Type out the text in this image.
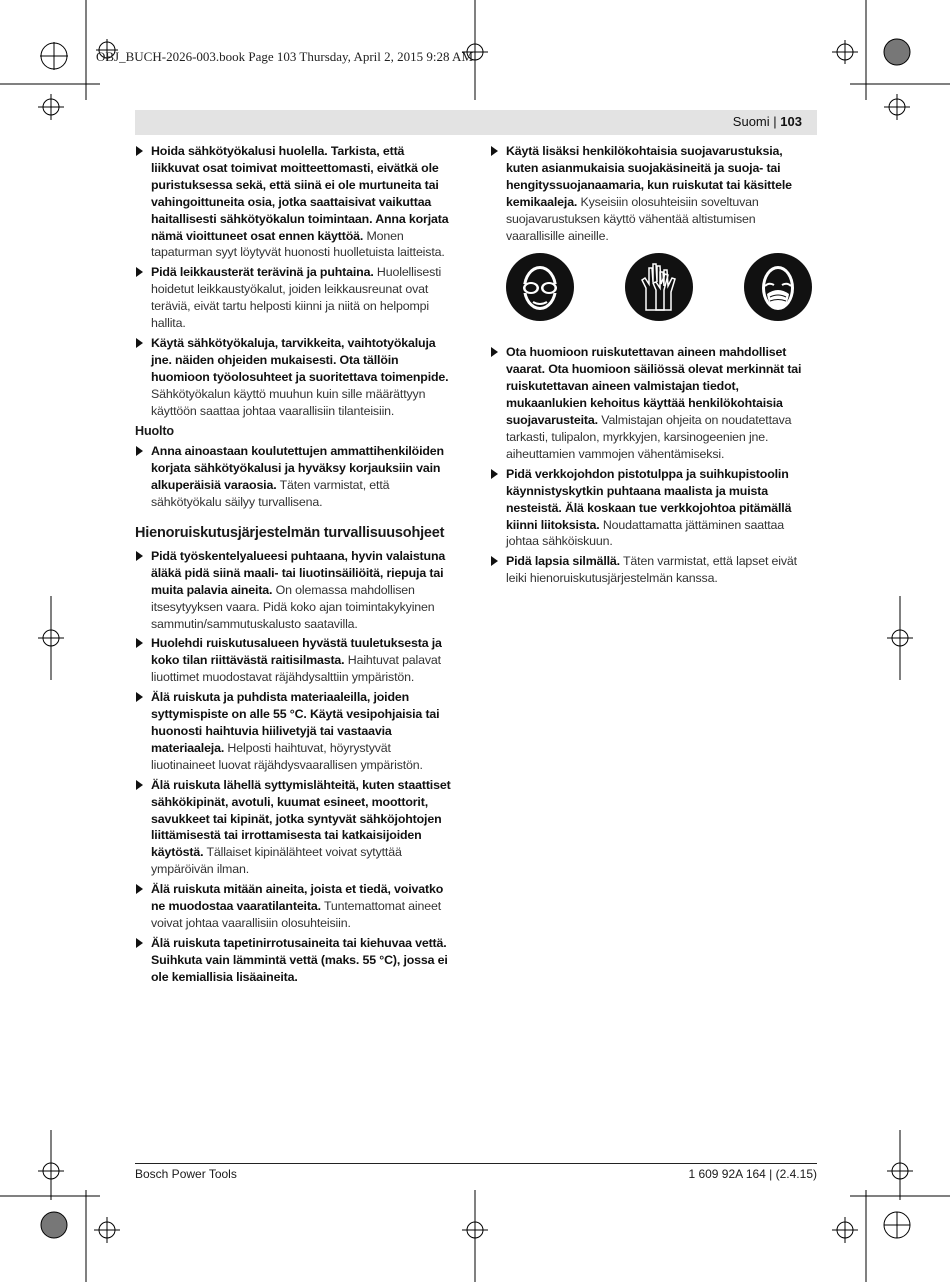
OBJ_BUCH-2026-003.book Page 103 Thursday, April 2, 2015 9:28 AM
Suomi | 103
Hoida sähkötyökalusi huolella. Tarkista, että liikkuvat osat toimivat moitteettomasti, eivätkä ole puristuksessa sekä, että siinä ei ole murtuneita tai vahingoittuneita osia, jotka saattaisivat vaikuttaa haitallisesti sähkötyökalun toimintaan. Anna korjata nämä vioittuneet osat ennen käyttöä. Monen tapaturman syyt löytyvät huonosti huolletuista laitteista.
Pidä leikkausterät terävinä ja puhtaina. Huolellisesti hoidetut leikkaustyökalut, joiden leikkausreunat ovat teräviä, eivät tartu helposti kiinni ja niitä on helpompi hallita.
Käytä sähkötyökaluja, tarvikkeita, vaihtotyökaluja jne. näiden ohjeiden mukaisesti. Ota tällöin huomioon työolosuhteet ja suoritettava toimenpide. Sähkötyökalun käyttö muuhun kuin sille määrättyyn käyttöön saattaa johtaa vaarallisiin tilanteisiin.
Huolto
Anna ainoastaan koulutettujen ammattihenkilöiden korjata sähkötyökalusi ja hyväksy korjauksiin vain alkuperäisiä varaosia. Täten varmistat, että sähkötyökalu säilyy turvallisena.
Hienoruiskutusjärjestelmän turvallisuusohjeet
Pidä työskentelyalueesi puhtaana, hyvin valaistuna äläkä pidä siinä maali- tai liuotinsäiliöitä, riepuja tai muita palavia aineita. On olemassa mahdollisen itsesytyyksen vaara. Pidä koko ajan toimintakykyinen sammutin/sammutuskalusto saatavilla.
Huolehdi ruiskutusalueen hyvästä tuuletuksesta ja koko tilan riittävästä raitisilmasta. Haihtuvat palavat liuottimet muodostavat räjähdysalttiin ympäristön.
Älä ruiskuta ja puhdista materiaaleilla, joiden syttymispiste on alle 55 °C. Käytä vesipohjaisia tai huonosti haihtuvia hiilivetyjä tai vastaavia materiaaleja. Helposti haihtuvat, höyrystyvät liuotinaineet luovat räjähdysvaarallisen ympäristön.
Älä ruiskuta lähellä syttymislähteitä, kuten staattiset sähkökipinät, avotuli, kuumat esineet, moottorit, savukkeet tai kipinät, jotka syntyvät sähköjohtojen liittämisestä tai irrottamisesta tai katkaisijoiden käytöstä. Tällaiset kipinälähteet voivat sytyttää ympäröivän ilman.
Älä ruiskuta mitään aineita, joista et tiedä, voivatko ne muodostaa vaaratilanteita. Tuntemattomat aineet voivat johtaa vaarallisiin olosuhteisiin.
Älä ruiskuta tapetinirrotusaineita tai kiehuvaa vettä. Suihkuta vain lämmintä vettä (maks. 55 °C), jossa ei ole kemiallisia lisäaineita.
Käytä lisäksi henkilökohtaisia suojavarustuksia, kuten asianmukaisia suojakäsineitä ja suoja- tai hengityssuojanaamaria, kun ruiskutat tai käsittele kemikaaleja. Kyseisiin olosuhteisiin soveltuvan suojavarustuksen käyttö vähentää altistumisen vaarallisille aineille.
Ota huomioon ruiskutettavan aineen mahdolliset vaarat. Ota huomioon säiliössä olevat merkinnät tai ruiskutettavan aineen valmistajan tiedot, mukaanlukien kehoitus käyttää henkilökohtaisia suojavarusteita. Valmistajan ohjeita on noudatettava tarkasti, tulipalon, myrkkyjen, karsinogeenien jne. aiheuttamien vammojen vähentämiseksi.
Pidä verkkojohdon pistotulppa ja suihkupistoolin käynnistyskytkin puhtaana maalista ja muista nesteistä. Älä koskaan tue verkkojohtoa pitämällä kiinni liitoksista. Noudattamatta jättäminen saattaa johtaa sähköiskuun.
Pidä lapsia silmällä. Täten varmistat, että lapset eivät leiki hienoruiskutusjärjestelmän kanssa.
Bosch Power Tools	1 609 92A 164 | (2.4.15)
